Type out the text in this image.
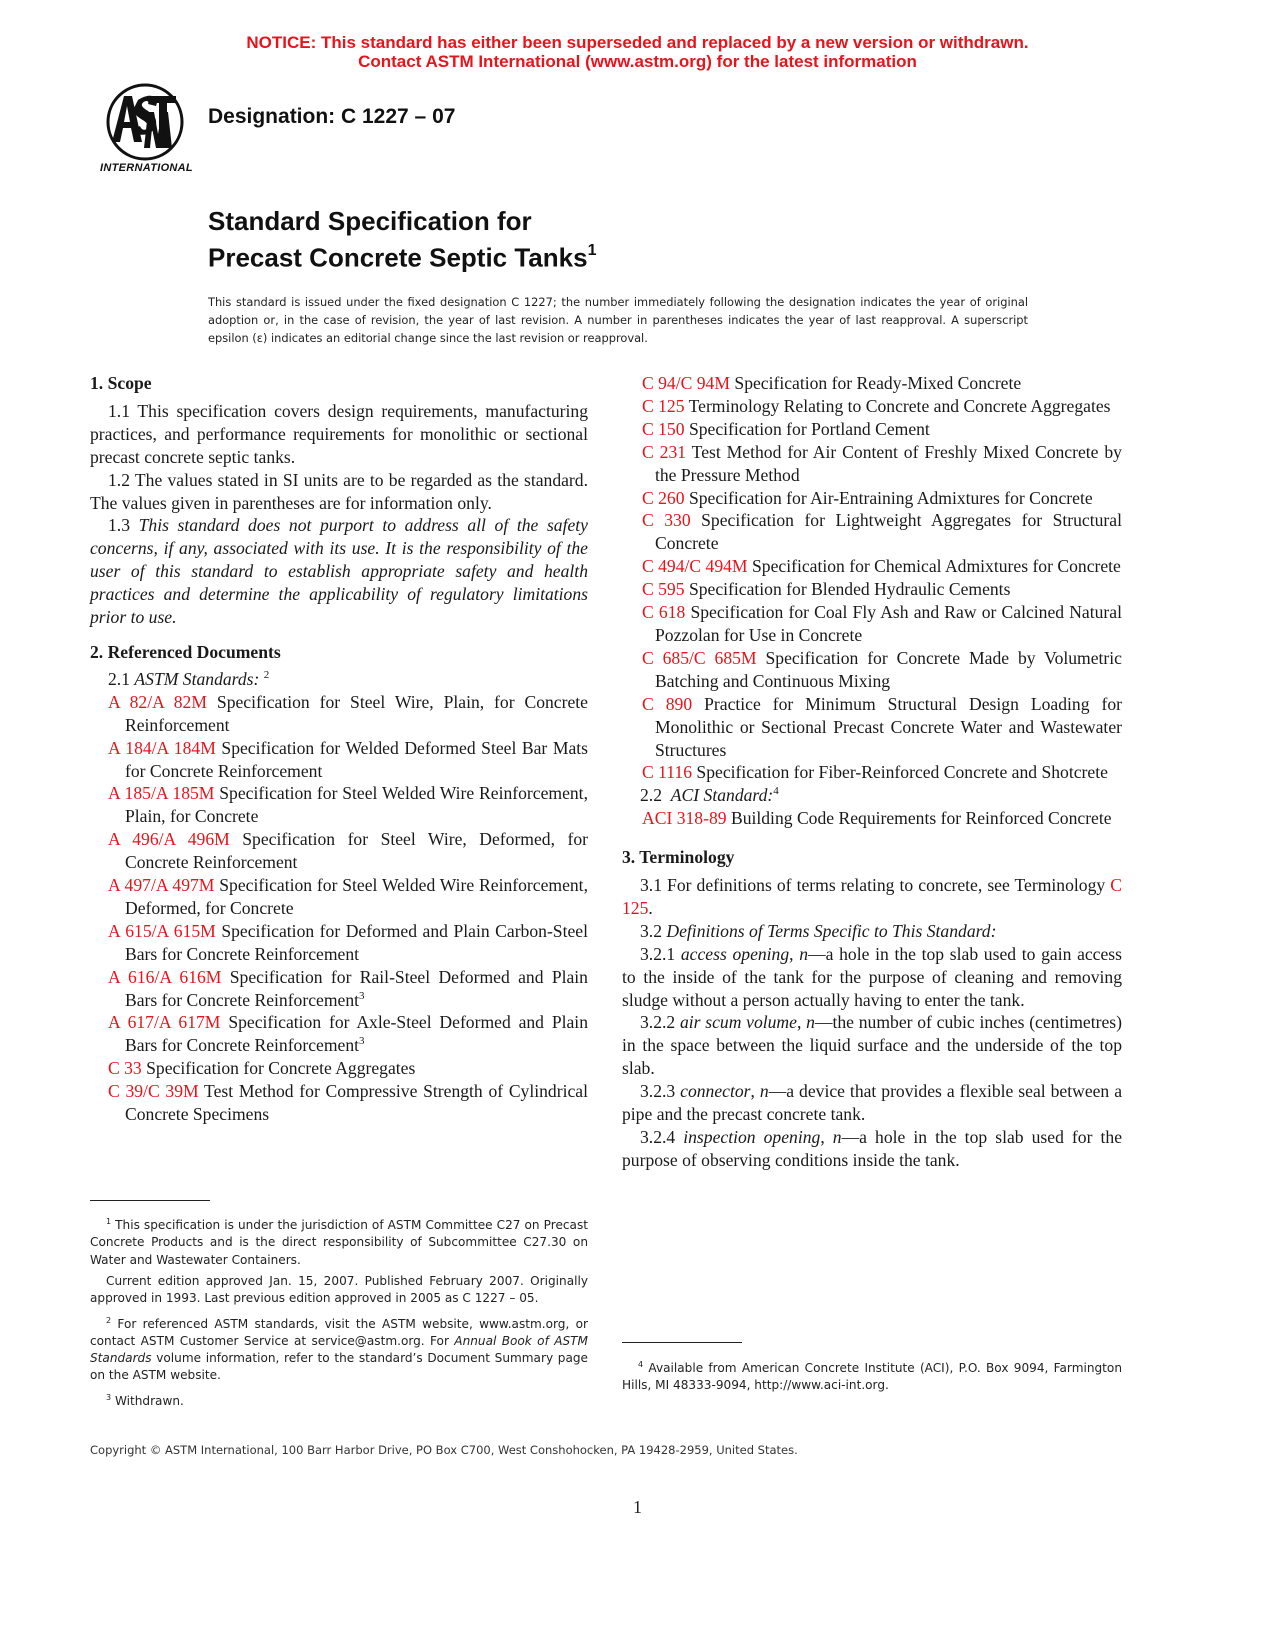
NOTICE: This standard has either been superseded and replaced by a new version or withdrawn.
Contact ASTM International (www.astm.org) for the latest information
INTERNATIONAL
Designation: C 1227 – 07
Standard Specification for
Precast Concrete Septic Tanks$^1$
This standard is issued under the fixed designation C 1227; the number immediately following the designation indicates the year of original adoption or, in the case of revision, the year of last revision. A number in parentheses indicates the year of last reapproval. A superscript epsilon (ε) indicates an editorial change since the last revision or reapproval.

1. Scope

1.1 This specification covers design requirements, manufacturing practices, and performance requirements for monolithic or sectional precast concrete septic tanks.

1.2 The values stated in SI units are to be regarded as the standard. The values given in parentheses are for information only.

1.3 This standard does not purport to address all of the safety concerns, if any, associated with its use. It is the responsibility of the user of this standard to establish appropriate safety and health practices and determine the applicability of regulatory limitations prior to use.

2. Referenced Documents

2.1 ASTM Standards: $^2$

A 82/A 82M Specification for Steel Wire, Plain, for Concrete Reinforcement

A 184/A 184M Specification for Welded Deformed Steel Bar Mats for Concrete Reinforcement

A 185/A 185M Specification for Steel Welded Wire Reinforcement, Plain, for Concrete

A 496/A 496M Specification for Steel Wire, Deformed, for Concrete Reinforcement

A 497/A 497M Specification for Steel Welded Wire Reinforcement, Deformed, for Concrete

A 615/A 615M Specification for Deformed and Plain Carbon-Steel Bars for Concrete Reinforcement

A 616/A 616M Specification for Rail-Steel Deformed and Plain Bars for Concrete Reinforcement$^3$

A 617/A 617M Specification for Axle-Steel Deformed and Plain Bars for Concrete Reinforcement$^3$

C 33 Specification for Concrete Aggregates

C 39/C 39M Test Method for Compressive Strength of Cylindrical Concrete Specimens

C 94/C 94M Specification for Ready-Mixed Concrete

C 125 Terminology Relating to Concrete and Concrete Aggregates

C 150 Specification for Portland Cement

C 231 Test Method for Air Content of Freshly Mixed Concrete by the Pressure Method

C 260 Specification for Air-Entraining Admixtures for Concrete

C 330 Specification for Lightweight Aggregates for Structural Concrete

C 494/C 494M Specification for Chemical Admixtures for Concrete

C 595 Specification for Blended Hydraulic Cements

C 618 Specification for Coal Fly Ash and Raw or Calcined Natural Pozzolan for Use in Concrete

C 685/C 685M Specification for Concrete Made by Volumetric Batching and Continuous Mixing

C 890 Practice for Minimum Structural Design Loading for Monolithic or Sectional Precast Concrete Water and Wastewater Structures

C 1116 Specification for Fiber-Reinforced Concrete and Shotcrete

2.2 ACI Standard:$^4$

ACI 318-89 Building Code Requirements for Reinforced Concrete

3. Terminology

3.1 For definitions of terms relating to concrete, see Terminology C 125.

3.2 Definitions of Terms Specific to This Standard:

3.2.1 access opening, n—a hole in the top slab used to gain access to the inside of the tank for the purpose of cleaning and removing sludge without a person actually having to enter the tank.

3.2.2 air scum volume, n—the number of cubic inches (centimetres) in the space between the liquid surface and the underside of the top slab.

3.2.3 connector, n—a device that provides a flexible seal between a pipe and the precast concrete tank.

3.2.4 inspection opening, n—a hole in the top slab used for the purpose of observing conditions inside the tank.

$^1$ This specification is under the jurisdiction of ASTM Committee C27 on Precast Concrete Products and is the direct responsibility of Subcommittee C27.30 on Water and Wastewater Containers.

Current edition approved Jan. 15, 2007. Published February 2007. Originally approved in 1993. Last previous edition approved in 2005 as C 1227 – 05.

$^2$ For referenced ASTM standards, visit the ASTM website, www.astm.org, or contact ASTM Customer Service at service@astm.org. For Annual Book of ASTM Standards volume information, refer to the standard’s Document Summary page on the ASTM website.

$^3$ Withdrawn.

$^4$ Available from American Concrete Institute (ACI), P.O. Box 9094, Farmington Hills, MI 48333-9094, http://www.aci-int.org.

Copyright © ASTM International, 100 Barr Harbor Drive, PO Box C700, West Conshohocken, PA 19428-2959, United States.
1
